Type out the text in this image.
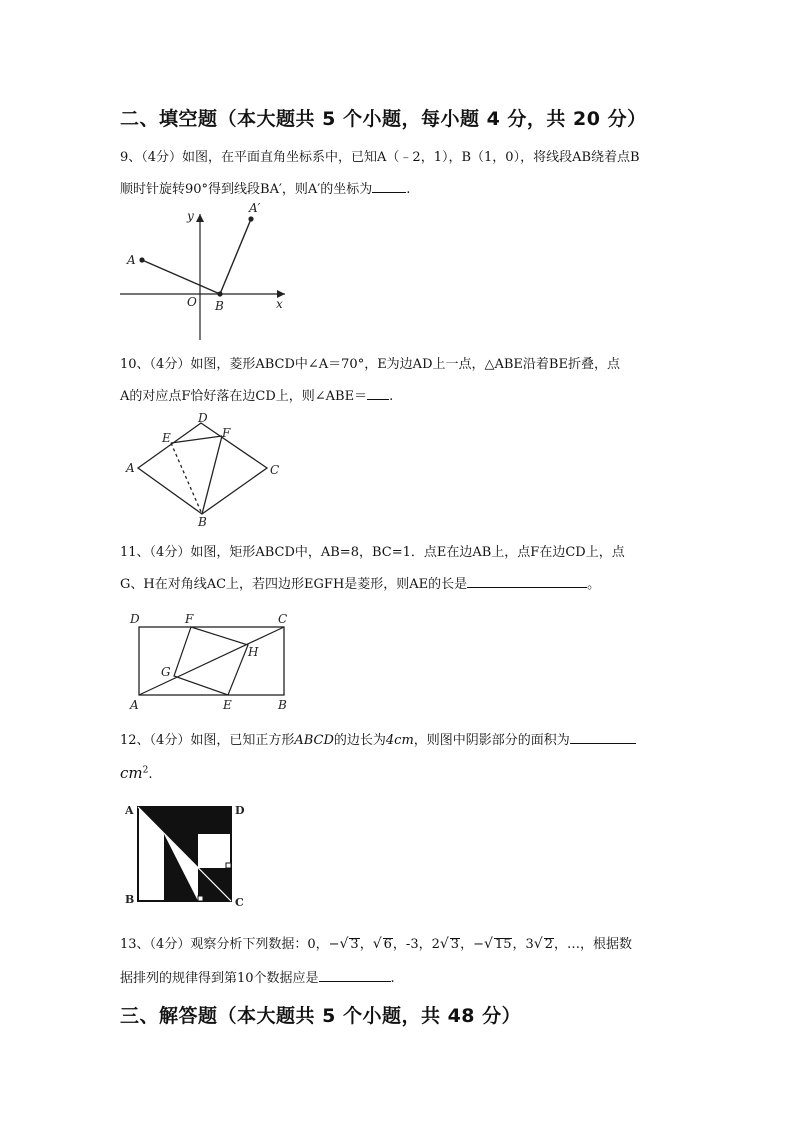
二、填空题（本大题共 5 个小题，每小题 4 分，共 20 分）
9、（4分）如图，在平面直角坐标系中，已知A（﹣2，1），B（1，0），将线段AB绕着点B
顺时针旋转90°得到线段BA′，则A′的坐标为	.
y
A′
A
O B	x
10、（4分）如图，菱形ABCD中∠A＝70°，E为边AD上一点，△ABE沿着BE折叠，点
A的对应点F恰好落在边CD上，则∠ABE＝ .
D
E	F
A	C
B
11、（4分）如图，矩形ABCD中，AB=8，BC=1．点E在边AB上，点F在边CD上，点
G、H在对角线AC上，若四边形EGFH是菱形，则AE的长是	。
D	F	C
H
G
A	E	B
12、（4分）如图，已知正方形ABCD的边长为4cm，则图中阴影部分的面积为
$cm^2$.
A	D
B	C
13、（4分）观察分析下列数据：0，−√ 3，√ 6，-3，2√ 3，−√ 15，3√ 2，…，根据数
据排列的规律得到第10个数据应是	.
三、解答题（本大题共 5 个小题，共 48 分）
